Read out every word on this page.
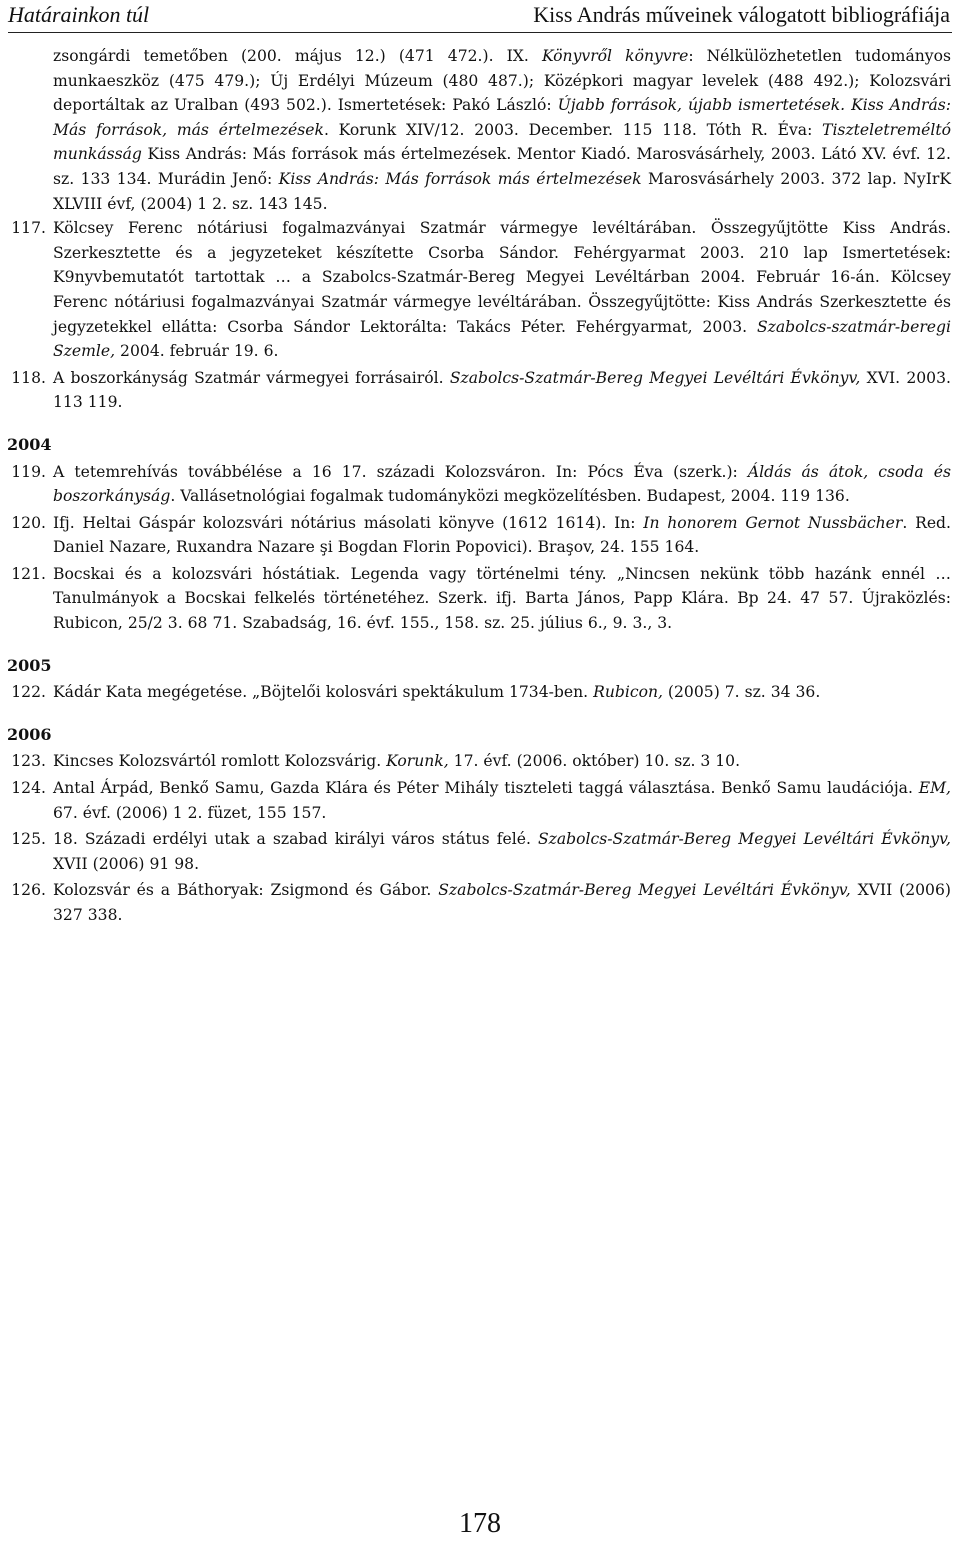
Határainkon túl	Kiss András műveinek válogatott bibliográfiája

zsongárdi temetőben (200. május 12.) (471 472.). IX. Könyvről könyvre: Nélkülözhetetlen tudományos munkaeszköz (475 479.); Új Erdélyi Múzeum (480 487.); Középkori magyar levelek (488 492.); Kolozsvári deportáltak az Uralban (493 502.). Ismertetések: Pakó László: Újabb források, újabb ismertetések. Kiss András: Más források, más értelmezések. Korunk XIV/12. 2003. December. 115 118. Tóth R. Éva: Tiszteletreméltó munkásság Kiss András: Más források más értelmezések. Mentor Kiadó. Marosvásárhely, 2003. Látó XV. évf. 12. sz. 133 134. Murádin Jenő: Kiss András: Más források más értelmezések Marosvásárhely 2003. 372 lap. NyIrK XLVIII évf, (2004) 1 2. sz. 143 145.

117. Kölcsey Ferenc nótáriusi fogalmazványai Szatmár vármegye levéltárában. Összegyűjtötte Kiss András. Szerkesztette és a jegyzeteket készítette Csorba Sándor. Fehérgyarmat 2003. 210 lap Ismertetések: K9nyvbemutatót tartottak … a Szabolcs-Szatmár-Bereg Megyei Levéltárban 2004. Február 16-án. Kölcsey Ferenc nótáriusi fogalmazványai Szatmár vármegye levéltárában. Összegyűjtötte: Kiss András Szerkesztette és jegyzetekkel ellátta: Csorba Sándor Lektorálta: Takács Péter. Fehérgyarmat, 2003. Szabolcs-szatmár-beregi Szemle, 2004. február 19. 6.
118. A boszorkányság Szatmár vármegyei forrásairól. Szabolcs-Szatmár-Bereg Megyei Levéltári Évkönyv, XVI. 2003. 113 119.
2004
119. A tetemrehívás továbbélése a 16 17. századi Kolozsváron. In: Pócs Éva (szerk.): Áldás ás átok, csoda és boszorkányság. Vallásetnológiai fogalmak tudományközi megközelítésben. Budapest, 2004. 119 136.
120. Ifj. Heltai Gáspár kolozsvári nótárius másolati könyve (1612 1614). In: In honorem Gernot Nussbächer. Red. Daniel Nazare, Ruxandra Nazare şi Bogdan Florin Popovici). Braşov, 24. 155 164.
121. Bocskai és a kolozsvári hóstátiak. Legenda vagy történelmi tény. „Nincsen nekünk több hazánk ennél … Tanulmányok a Bocskai felkelés történetéhez. Szerk. ifj. Barta János, Papp Klára. Bp 24. 47 57. Újraközlés: Rubicon, 25/2 3. 68 71. Szabadság, 16. évf. 155., 158. sz. 25. július 6., 9. 3., 3.
2005
122. Kádár Kata megégetése. „Böjtelői kolosvári spektákulum 1734-ben. Rubicon, (2005) 7. sz. 34 36.
2006
123. Kincses Kolozsvártól romlott Kolozsvárig. Korunk, 17. évf. (2006. október) 10. sz. 3 10.
124. Antal Árpád, Benkő Samu, Gazda Klára és Péter Mihály tiszteleti taggá választása. Benkő Samu laudációja. EM, 67. évf. (2006) 1 2. füzet, 155 157.
125. 18. Századi erdélyi utak a szabad királyi város státus felé. Szabolcs-Szatmár-Bereg Megyei Levéltári Évkönyv, XVII (2006) 91 98.
126. Kolozsvár és a Báthoryak: Zsigmond és Gábor. Szabolcs-Szatmár-Bereg Megyei Levéltári Évkönyv, XVII (2006) 327 338.
178
